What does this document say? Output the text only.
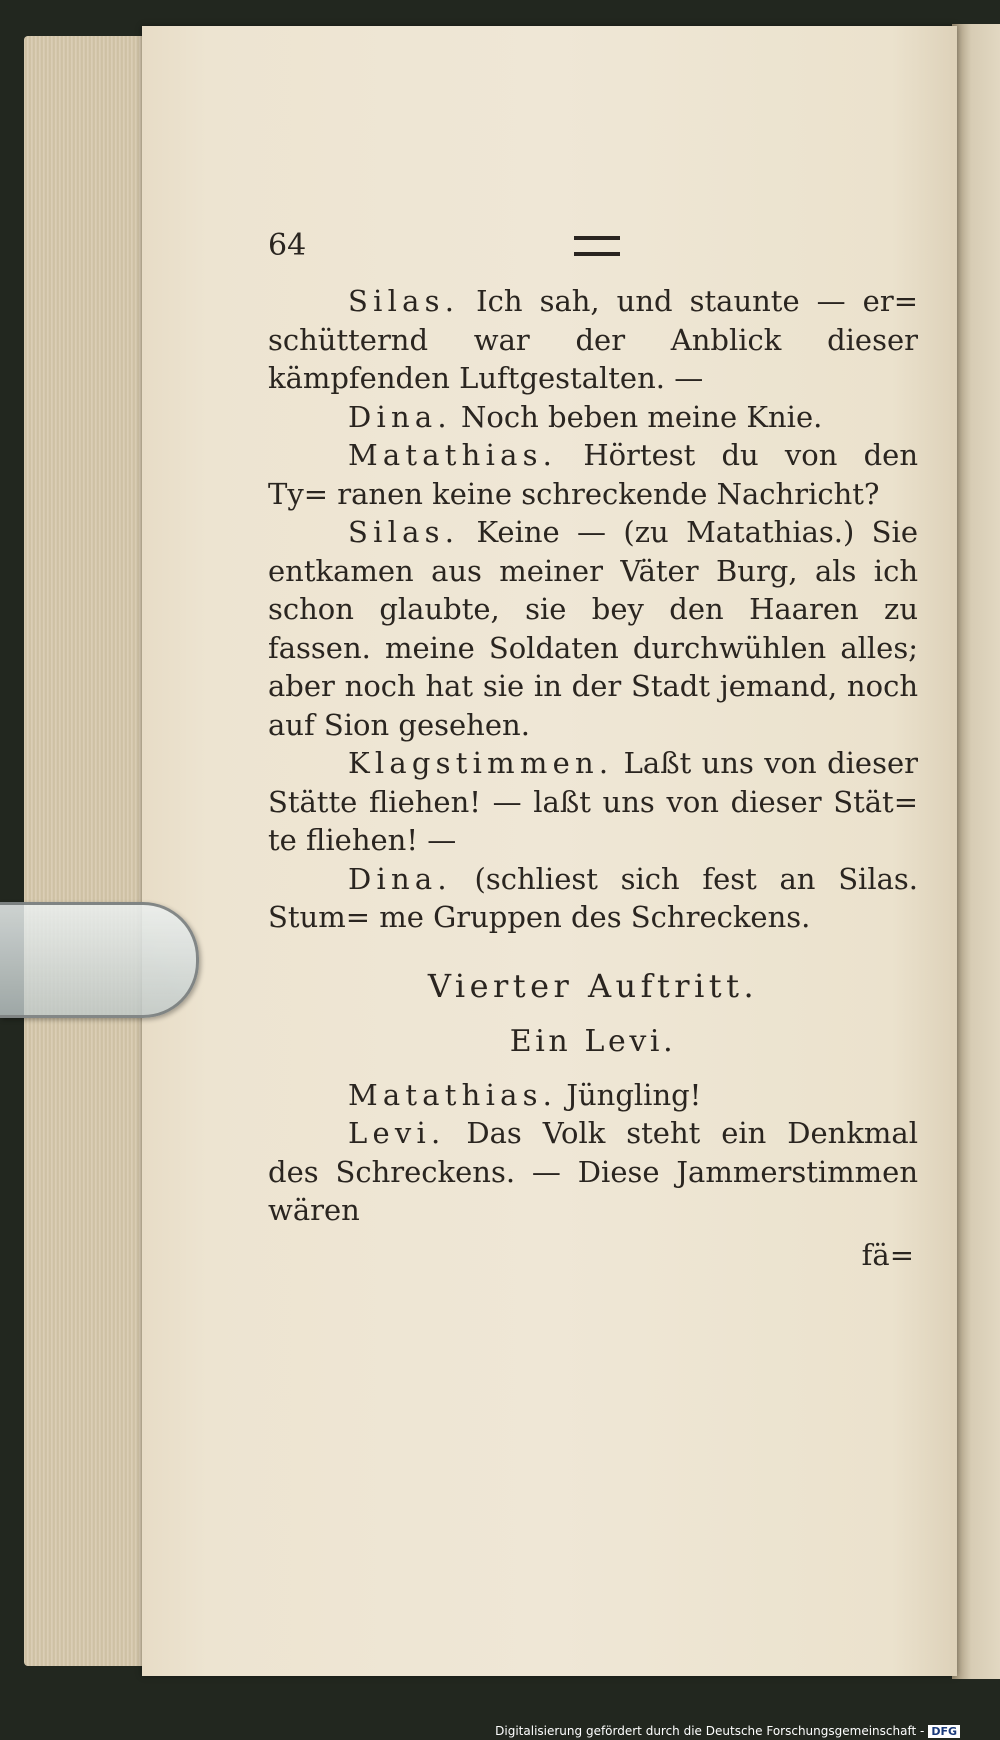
64

Silas. Ich sah, und staunte — er= schütternd war der Anblick dieser kämpfenden Luftgestalten. —

Dina. Noch beben meine Knie.

Matathias. Hörtest du von den Ty= ranen keine schreckende Nachricht?

Silas. Keine — (zu Matathias.) Sie entkamen aus meiner Väter Burg, als ich schon glaubte, sie bey den Haaren zu fassen. meine Soldaten durchwühlen alles; aber noch hat sie in der Stadt jemand, noch auf Sion gesehen.

Klagstimmen. Laßt uns von dieser Stätte fliehen! — laßt uns von dieser Stät= te fliehen! —

Dina. (schliest sich fest an Silas. Stum= me Gruppen des Schreckens.

Vierter Auftritt.
Ein Levi.

Matathias. Jüngling!

Levi. Das Volk steht ein Denkmal des Schreckens. — Diese Jammerstimmen wären

fä=
Digitalisierung gefördert durch die Deutsche Forschungsgemeinschaft - DFG
